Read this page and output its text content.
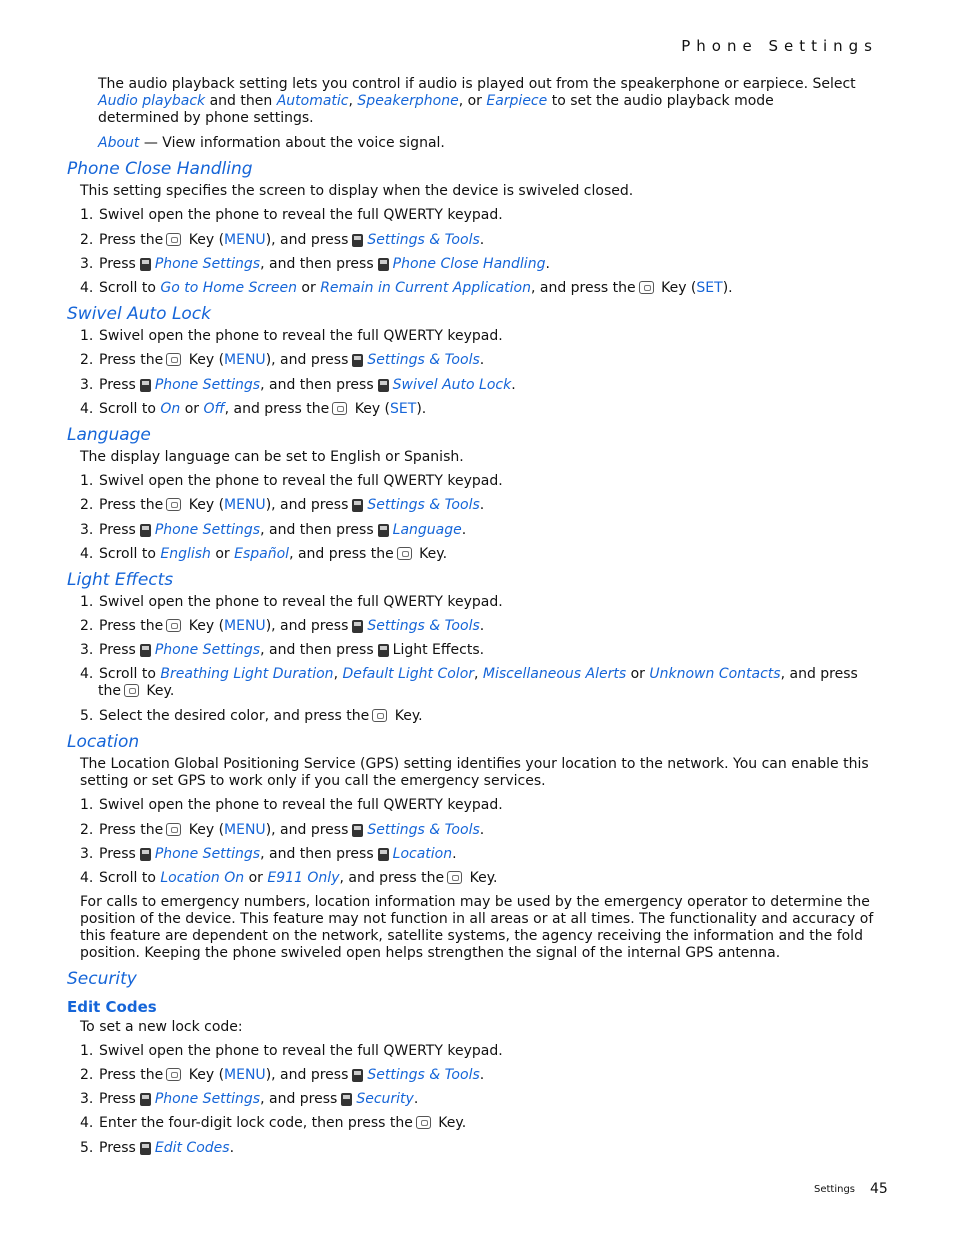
Phone Settings
The audio playback setting lets you control if audio is played out from the speakerphone or earpiece. Select Audio playback and then Automatic, Speakerphone, or Earpiece to set the audio playback mode determined by phone settings.
About — View information about the voice signal.
Phone Close Handling
This setting specifies the screen to display when the device is swiveled closed.
1. Swivel open the phone to reveal the full QWERTY keypad.
2. Press the Key (MENU), and press Settings & Tools.
3. Press Phone Settings, and then press Phone Close Handling.
4. Scroll to Go to Home Screen or Remain in Current Application, and press the Key (SET).
Swivel Auto Lock
1. Swivel open the phone to reveal the full QWERTY keypad.
2. Press the Key (MENU), and press Settings & Tools.
3. Press Phone Settings, and then press Swivel Auto Lock.
4. Scroll to On or Off, and press the Key (SET).
Language
The display language can be set to English or Spanish.
1. Swivel open the phone to reveal the full QWERTY keypad.
2. Press the Key (MENU), and press Settings & Tools.
3. Press Phone Settings, and then press Language.
4. Scroll to English or Español, and press the Key.
Light Effects
1. Swivel open the phone to reveal the full QWERTY keypad.
2. Press the Key (MENU), and press Settings & Tools.
3. Press Phone Settings, and then press Light Effects.
4. Scroll to Breathing Light Duration, Default Light Color, Miscellaneous Alerts or Unknown Contacts, and press the Key.
5. Select the desired color, and press the Key.
Location
The Location Global Positioning Service (GPS) setting identifies your location to the network. You can enable this setting or set GPS to work only if you call the emergency services.
1. Swivel open the phone to reveal the full QWERTY keypad.
2. Press the Key (MENU), and press Settings & Tools.
3. Press Phone Settings, and then press Location.
4. Scroll to Location On or E911 Only, and press the Key.
For calls to emergency numbers, location information may be used by the emergency operator to determine the position of the device. This feature may not function in all areas or at all times. The functionality and accuracy of this feature are dependent on the network, satellite systems, the agency receiving the information and the fold position. Keeping the phone swiveled open helps strengthen the signal of the internal GPS antenna.
Security
Edit Codes
To set a new lock code:
1. Swivel open the phone to reveal the full QWERTY keypad.
2. Press the Key (MENU), and press Settings & Tools.
3. Press Phone Settings, and press Security.
4. Enter the four-digit lock code, then press the Key.
5. Press Edit Codes.
Settings 45
